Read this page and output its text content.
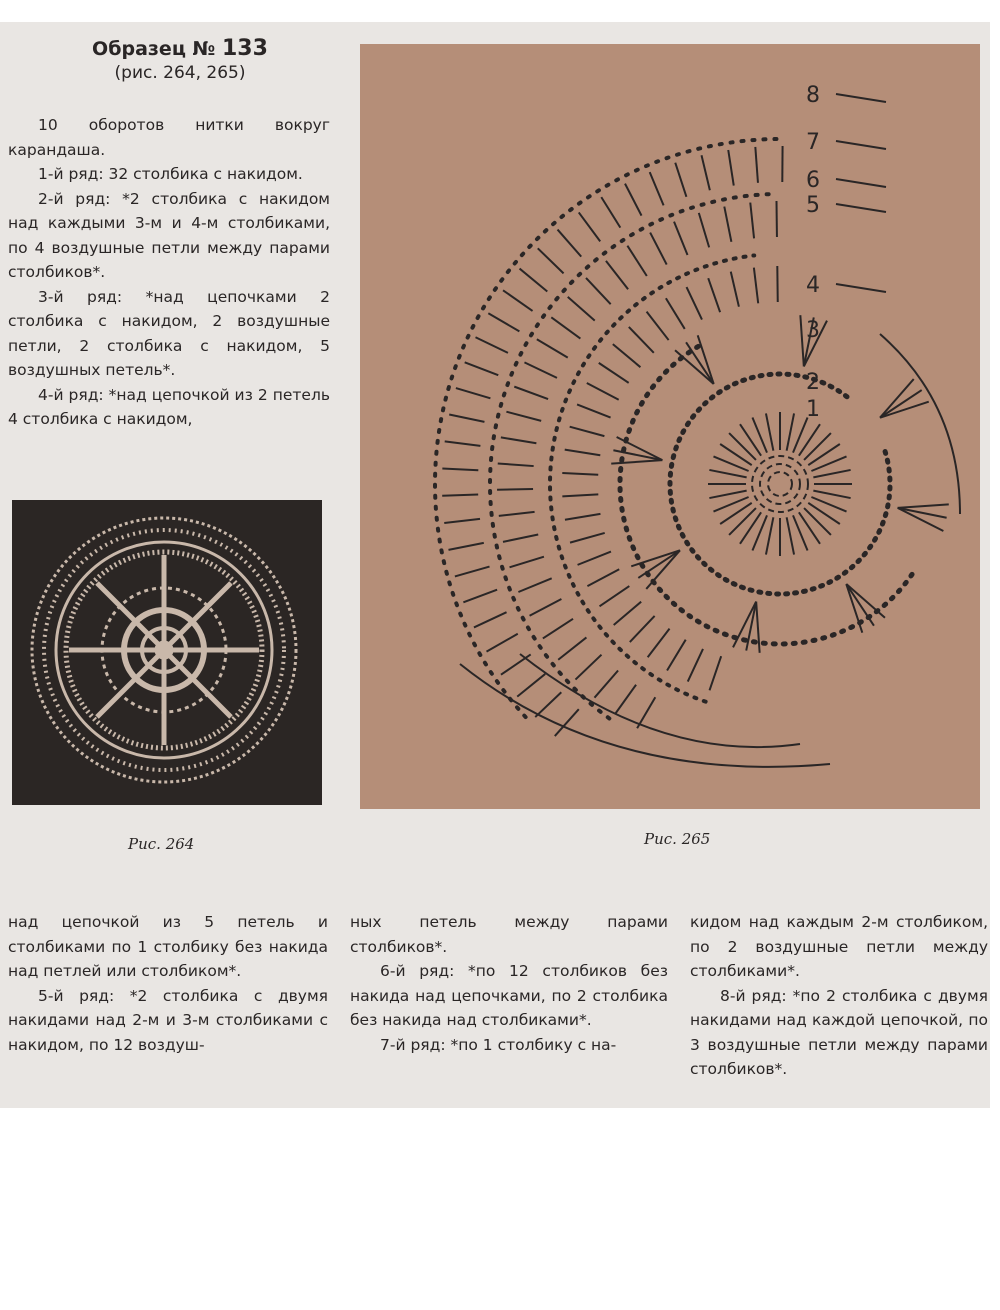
Образец № 133

(рис. 264, 265)

10 оборотов нитки вокруг карандаша.

1-й ряд: 32 столбика с накидом.

2-й ряд: *2 столбика с накидом над каждыми 3-м и 4-м столбиками, по 4 воздушные петли между парами столбиков*.

3-й ряд: *над цепочками 2 столбика с накидом, 2 воздушные петли, 2 столбика с накидом, 5 воздушных петель*.

4-й ряд: *над цепочкой из 2 петель 4 столбика с накидом,

Рис. 264
1
2
3
4
5
6
7
8
Рис. 265

над цепочкой из 5 петель и столбиками по 1 столбику без накида над петлей или столбиком*.

5-й ряд: *2 столбика с двумя накидами над 2-м и 3-м столбиками с накидом, по 12 воздуш-

ных петель между парами столбиков*.

6-й ряд: *по 12 столбиков без накида над цепочками, по 2 столбика без накида над столбиками*.

7-й ряд: *по 1 столбику с на-

кидом над каждым 2-м столбиком, по 2 воздушные петли между столбиками*.

8-й ряд: *по 2 столбика с двумя накидами над каждой цепочкой, по 3 воздушные петли между парами столбиков*.
